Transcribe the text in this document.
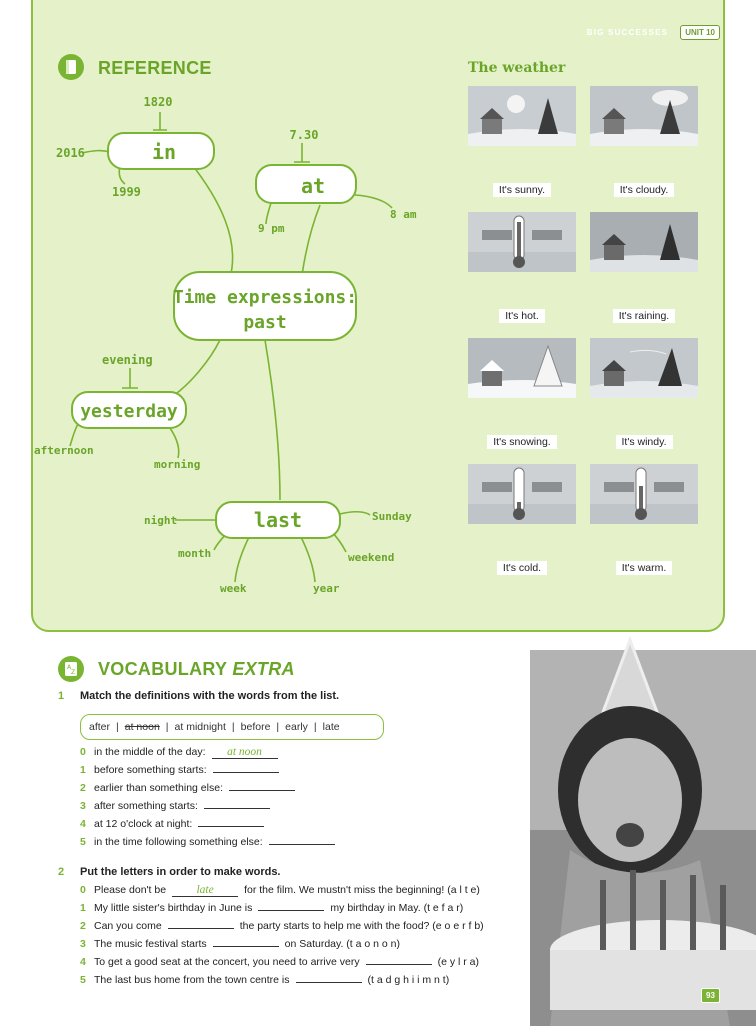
BIG SUCCESSES	UNIT 10
REFERENCE
1820
2016
1999
in
7.30
9 pm
8 am
at
Time expressions:
past
evening
afternoon
morning
yesterday
night
month
week	year
weekend
Sunday
last
The weather
It's sunny.	It's cloudy.
It's hot.	It's raining.
It's snowing.	It's windy.
It's cold.	It's warm.
A
Z VOCABULARY EXTRA
1 Match the definitions with the words from the list.
after | at noon | at midnight | before | early | late
0 in the middle of the day:	at noon
1 before something starts:
2 earlier than something else:
3 after something starts:
4 at 12 o'clock at night:
5 in the time following something else:
2 Put the letters in order to make words.
0 Please don't be	late	for the film. We mustn't miss the beginning! (a l t e)
1 My little sister's birthday in June is	my birthday in May. (t e f a r)
2 Can you come	the party starts to help me with the food? (e o e r f b)
3 The music festival starts	on Saturday. (t a o n o n)
4 To get a good seat at the concert, you need to arrive very	(e y l r a)
5 The last bus home from the town centre is	(t a d g h i i m n t)
93
